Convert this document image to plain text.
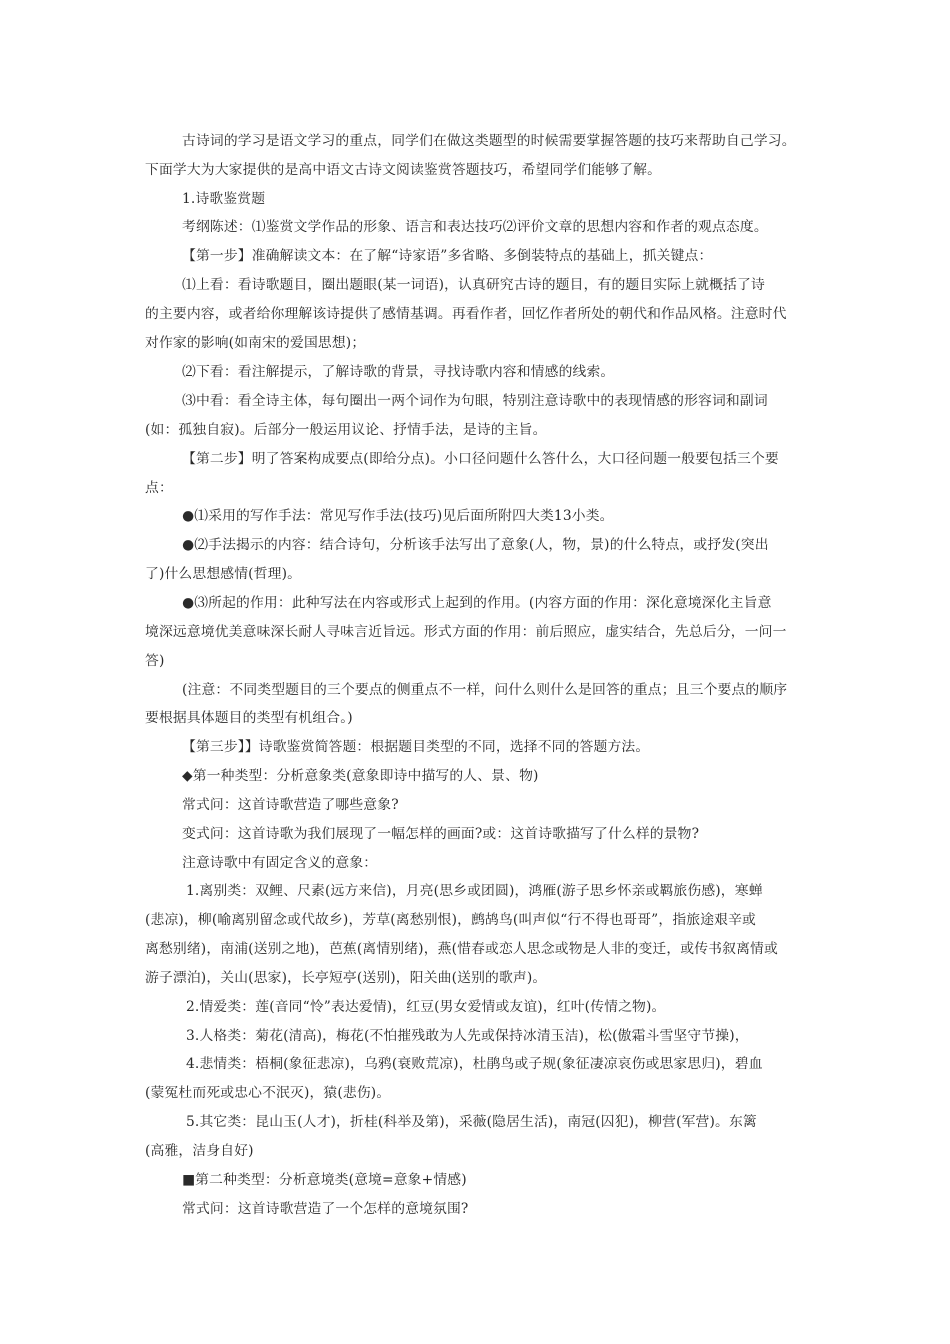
古诗词的学习是语文学习的重点，同学们在做这类题型的时候需要掌握答题的技巧来帮助自己学习。
下面学大为大家提供的是高中语文古诗文阅读鉴赏答题技巧，希望同学们能够了解。
1.诗歌鉴赏题
考纲陈述：⑴鉴赏文学作品的形象、语言和表达技巧⑵评价文章的思想内容和作者的观点态度。
【第一步】准确解读文本：在了解“诗家语”多省略、多倒装特点的基础上，抓关键点：
⑴上看：看诗歌题目，圈出题眼(某一词语)，认真研究古诗的题目，有的题目实际上就概括了诗
的主要内容，或者给你理解该诗提供了感情基调。再看作者，回忆作者所处的朝代和作品风格。注意时代
对作家的影响(如南宋的爱国思想)；
⑵下看：看注解提示，了解诗歌的背景，寻找诗歌内容和情感的线索。
⑶中看：看全诗主体，每句圈出一两个词作为句眼，特别注意诗歌中的表现情感的形容词和副词
(如：孤独自寂)。后部分一般运用议论、抒情手法，是诗的主旨。
【第二步】明了答案构成要点(即给分点)。小口径问题什么答什么，大口径问题一般要包括三个要
点：
●⑴采用的写作手法：常见写作手法(技巧)见后面所附四大类13小类。
●⑵手法揭示的内容：结合诗句，分析该手法写出了意象(人，物，景)的什么特点，或抒发(突出
了)什么思想感情(哲理)。
●⑶所起的作用：此种写法在内容或形式上起到的作用。(内容方面的作用：深化意境深化主旨意
境深远意境优美意味深长耐人寻味言近旨远。形式方面的作用：前后照应，虚实结合，先总后分，一问一
答)
(注意：不同类型题目的三个要点的侧重点不一样，问什么则什么是回答的重点；且三个要点的顺序
要根据具体题目的类型有机组合。)
【第三步】】诗歌鉴赏简答题：根据题目类型的不同，选择不同的答题方法。
◆第一种类型：分析意象类(意象即诗中描写的人、景、物)
常式问：这首诗歌营造了哪些意象?
变式问：这首诗歌为我们展现了一幅怎样的画面?或：这首诗歌描写了什么样的景物?
注意诗歌中有固定含义的意象：
1.离别类：双鲤、尺素(远方来信)，月亮(思乡或团圆)，鸿雁(游子思乡怀亲或羁旅伤感)，寒蝉
(悲凉)，柳(喻离别留念或代故乡)，芳草(离愁别恨)，鹧鸪鸟(叫声似“行不得也哥哥”，指旅途艰辛或
离愁别绪)，南浦(送别之地)，芭蕉(离情别绪)，燕(惜春或恋人思念或物是人非的变迁，或传书叙离情或
游子漂泊)，关山(思家)，长亭短亭(送别)，阳关曲(送别的歌声)。
2.情爱类：莲(音同“怜”表达爱情)，红豆(男女爱情或友谊)，红叶(传情之物)。
3.人格类：菊花(清高)，梅花(不怕摧残敢为人先或保持冰清玉洁)，松(傲霜斗雪坚守节操)，
4.悲情类：梧桐(象征悲凉)，乌鸦(衰败荒凉)，杜鹃鸟或子规(象征凄凉哀伤或思家思归)，碧血
(蒙冤杜而死或忠心不泯灭)，猿(悲伤)。
5.其它类：昆山玉(人才)，折桂(科举及第)，采薇(隐居生活)，南冠(囚犯)，柳营(军营)。东篱
(高雅，洁身自好)
■第二种类型：分析意境类(意境=意象+情感)
常式问：这首诗歌营造了一个怎样的意境氛围?
